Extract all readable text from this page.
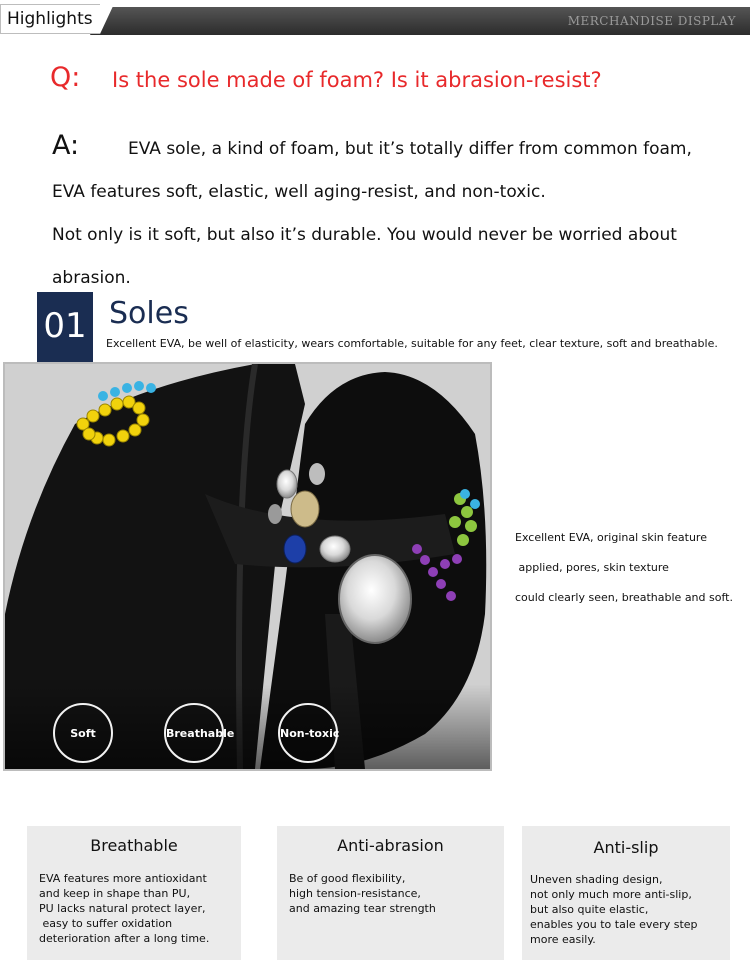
Highlights	MERCHANDISE DISPLAY
Q: Is the sole made of foam? Is it abrasion-resist?
A:	EVA sole, a kind of foam, but it’s totally differ from common foam,
EVA features soft, elastic, well aging-resist, and non-toxic.
Not only is it soft, but also it’s durable. You would never be worried about
abrasion.
01 Soles
Excellent EVA, be well of elasticity, wears comfortable, suitable for any feet, clear texture, soft and breathable.
Soft	Breathable	Non-toxic
Excellent EVA, original skin feature
applied, pores, skin texture
could clearly seen, breathable and soft.
Breathable
EVA features more antioxidant
and keep in shape than PU,
PU lacks natural protect layer,
easy to suffer oxidation
deterioration after a long time.
Anti-abrasion
Be of good flexibility,
high tension-resistance,
and amazing tear strength
Anti-slip
Uneven shading design,
not only much more anti-slip,
but also quite elastic,
enables you to tale every step
more easily.
